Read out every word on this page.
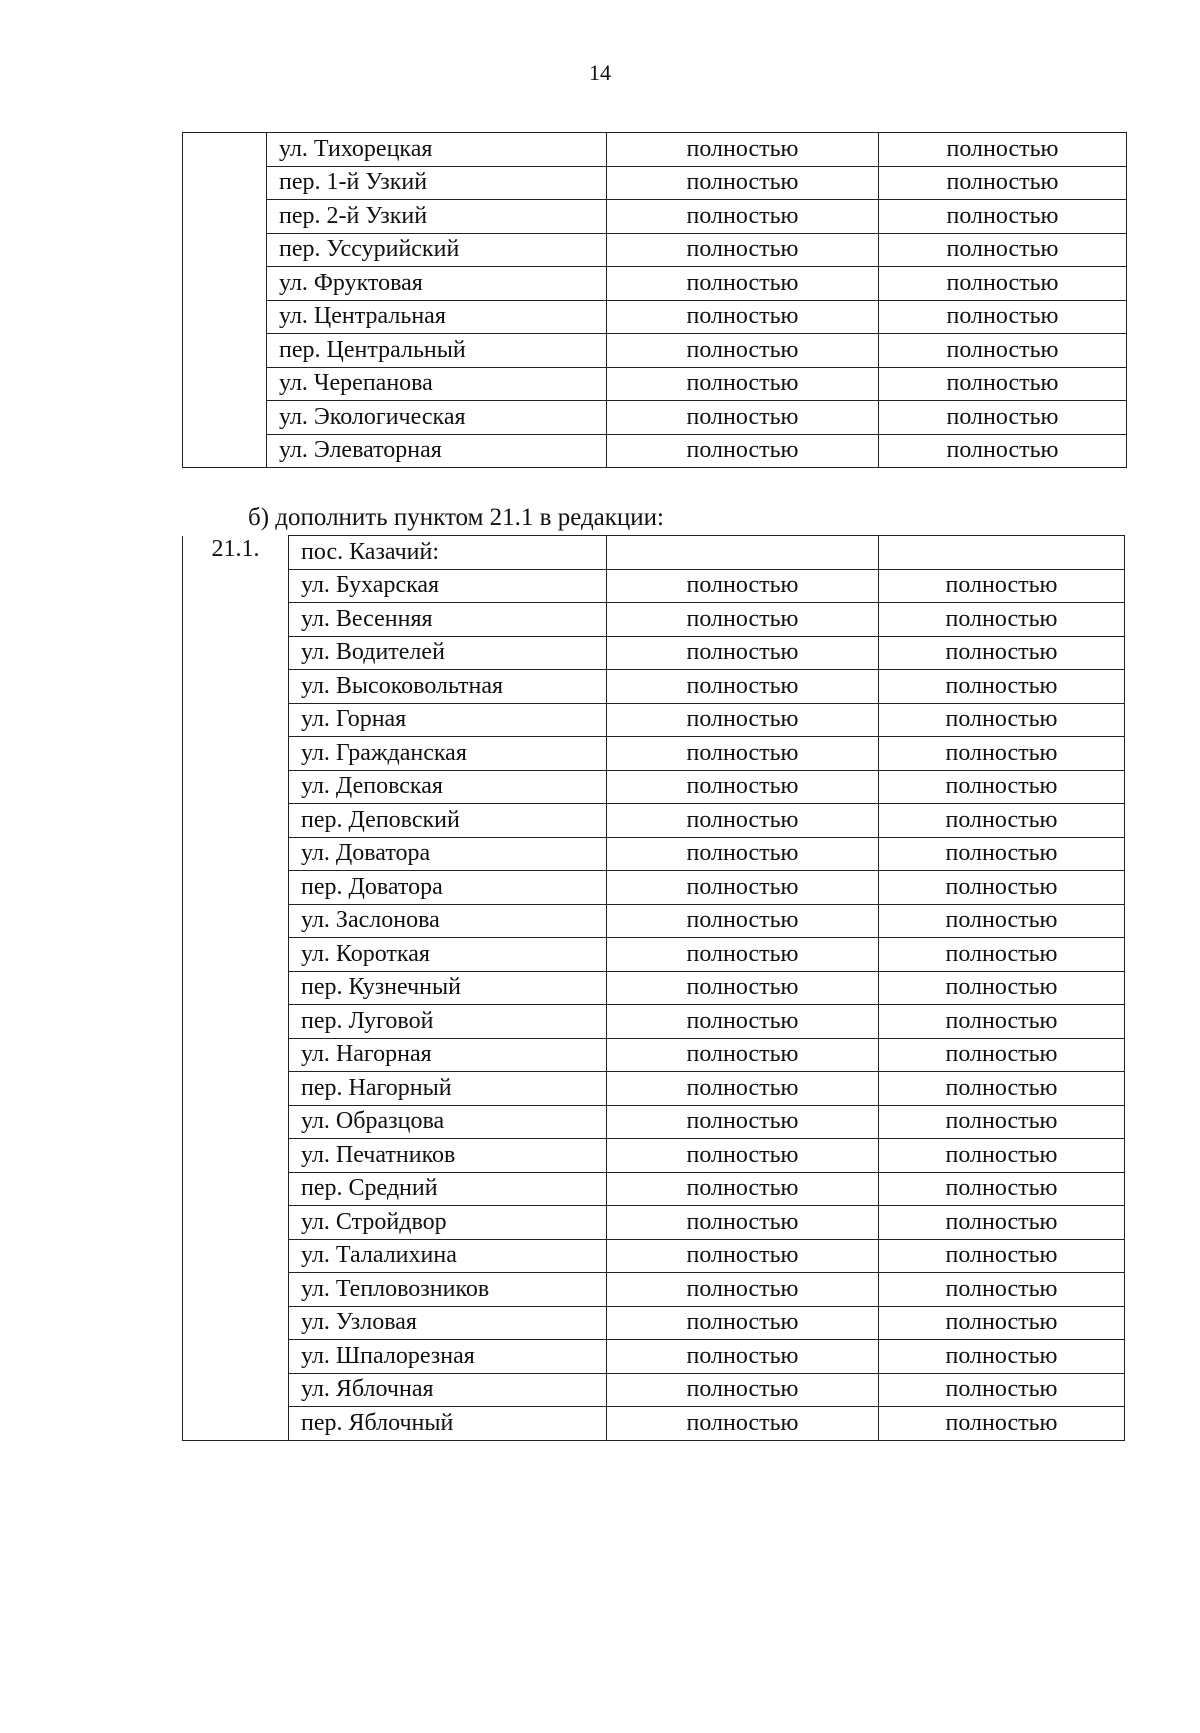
14
	ул. Тихорецкая	полностью	полностью
	пер. 1-й Узкий	полностью	полностью
	пер. 2-й Узкий	полностью	полностью
	пер. Уссурийский	полностью	полностью
	ул. Фруктовая	полностью	полностью
	ул. Центральная	полностью	полностью
	пер. Центральный	полностью	полностью
	ул. Черепанова	полностью	полностью
	ул. Экологическая	полностью	полностью
	ул. Элеваторная	полностью	полностью
б) дополнить пунктом 21.1 в редакции:
21.1.	пос. Казачий:		
	ул. Бухарская	полностью	полностью
	ул. Весенняя	полностью	полностью
	ул. Водителей	полностью	полностью
	ул. Высоковольтная	полностью	полностью
	ул. Горная	полностью	полностью
	ул. Гражданская	полностью	полностью
	ул. Деповская	полностью	полностью
	пер. Деповский	полностью	полностью
	ул. Доватора	полностью	полностью
	пер. Доватора	полностью	полностью
	ул. Заслонова	полностью	полностью
	ул. Короткая	полностью	полностью
	пер. Кузнечный	полностью	полностью
	пер. Луговой	полностью	полностью
	ул. Нагорная	полностью	полностью
	пер. Нагорный	полностью	полностью
	ул. Образцова	полностью	полностью
	ул. Печатников	полностью	полностью
	пер. Средний	полностью	полностью
	ул. Стройдвор	полностью	полностью
	ул. Талалихина	полностью	полностью
	ул. Тепловозников	полностью	полностью
	ул. Узловая	полностью	полностью
	ул. Шпалорезная	полностью	полностью
	ул. Яблочная	полностью	полностью
	пер. Яблочный	полностью	полностью
